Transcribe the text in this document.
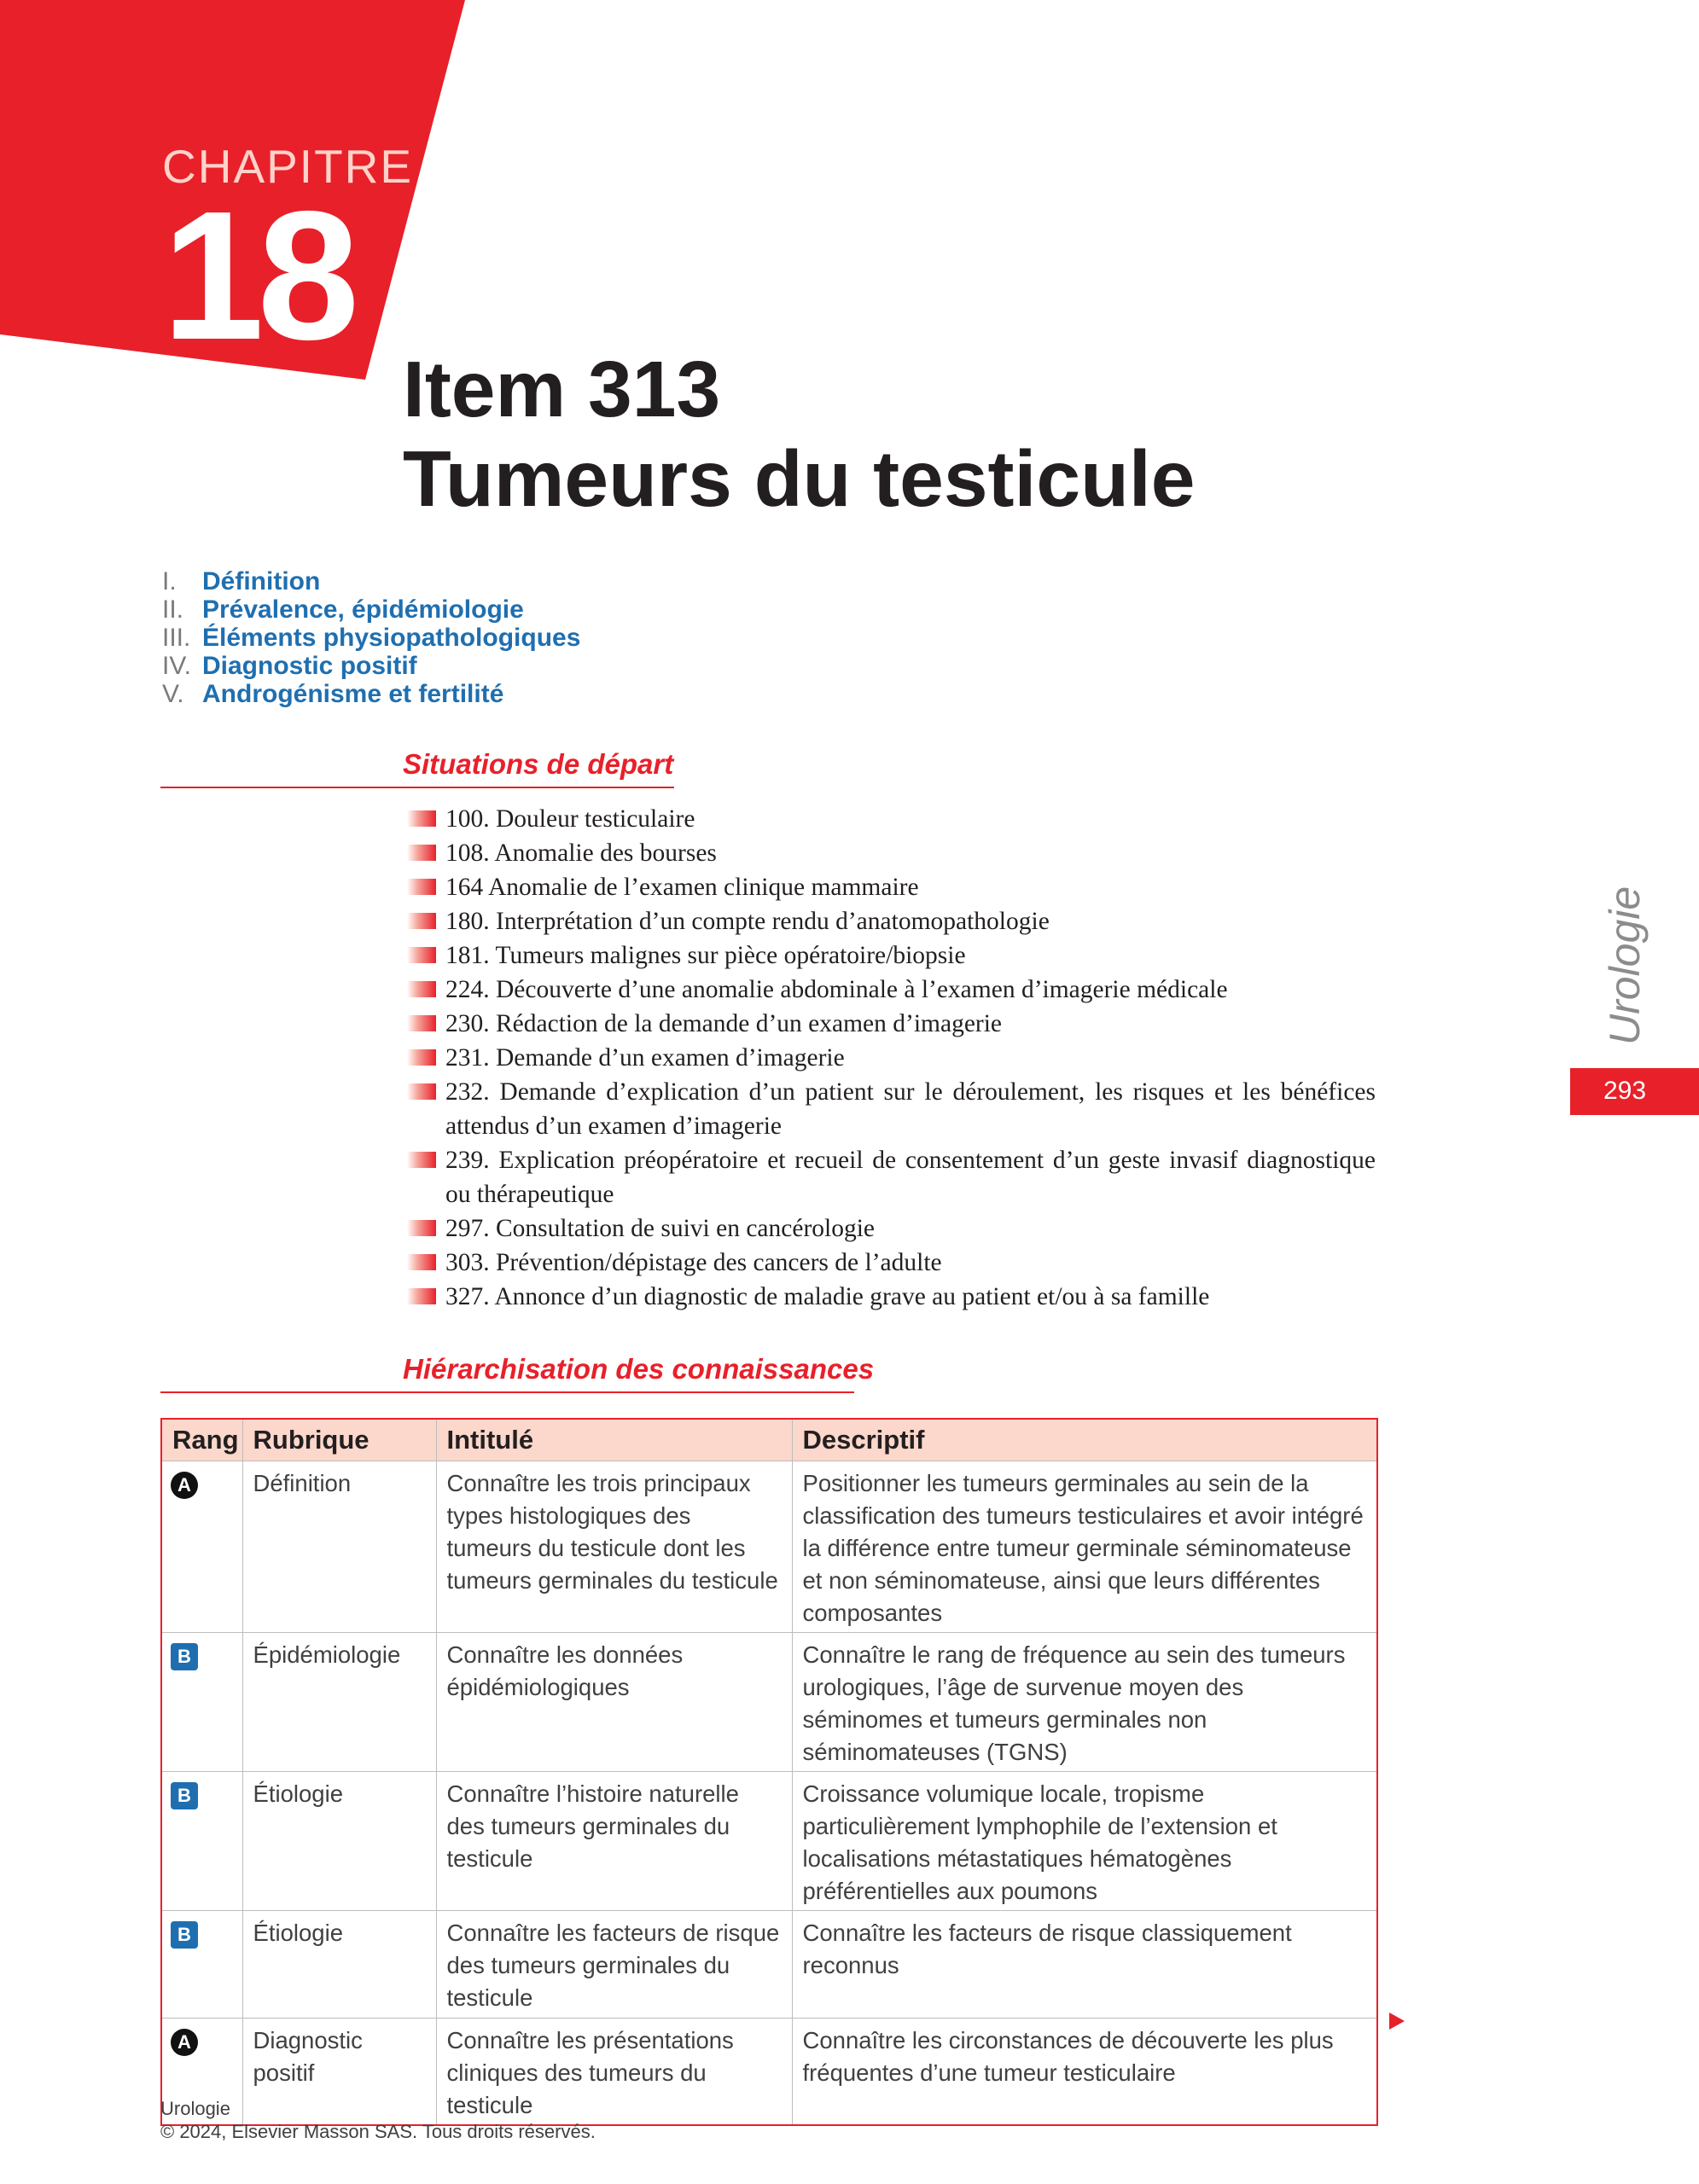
CHAPITRE
18
Item 313
Tumeurs du testicule
I.	Définition
II. Prévalence, épidémiologie
III. Éléments physiopathologiques
IV. Diagnostic positif
V. Androgénisme et fertilité
Situations de départ
100. Douleur testiculaire
108. Anomalie des bourses
164 Anomalie de l’examen clinique mammaire
180. Interprétation d’un compte rendu d’anatomopathologie
181. Tumeurs malignes sur pièce opératoire/biopsie
224. Découverte d’une anomalie abdominale à l’examen d’imagerie médicale
230. Rédaction de la demande d’un examen d’imagerie
231. Demande d’un examen d’imagerie
232. Demande d’explication d’un patient sur le déroulement, les risques et les bénéfices attendus d’un examen d’imagerie
239. Explication préopératoire et recueil de consentement d’un geste invasif diagnostique ou thérapeutique
297. Consultation de suivi en cancérologie
303. Prévention/dépistage des cancers de l’adulte
327. Annonce d’un diagnostic de maladie grave au patient et/ou à sa famille
Hiérarchisation des connaissances
Rang	Rubrique	Intitulé	Descriptif
A	Définition	Connaître les trois principaux types histologiques des tumeurs du testicule dont les tumeurs germinales du testicule	Positionner les tumeurs germinales au sein de la classification des tumeurs testiculaires et avoir intégré la différence entre tumeur germinale séminomateuse et non séminomateuse, ainsi que leurs différentes composantes
B	Épidémiologie	Connaître les données épidémiologiques	Connaître le rang de fréquence au sein des tumeurs urologiques, l’âge de survenue moyen des séminomes et tumeurs germinales non séminomateuses (TGNS)
B	Étiologie	Connaître l’histoire naturelle des tumeurs germinales du testicule	Croissance volumique locale, tropisme particulièrement lymphophile de l’extension et localisations métastatiques hématogènes préférentielles aux poumons
B	Étiologie	Connaître les facteurs de risque des tumeurs germinales du testicule	Connaître les facteurs de risque classiquement reconnus
A	Diagnostic positif	Connaître les présentations cliniques des tumeurs du testicule	Connaître les circonstances de découverte les plus fréquentes d’une tumeur testiculaire
Urologie
293
Urologie
© 2024, Elsevier Masson SAS. Tous droits réservés.
